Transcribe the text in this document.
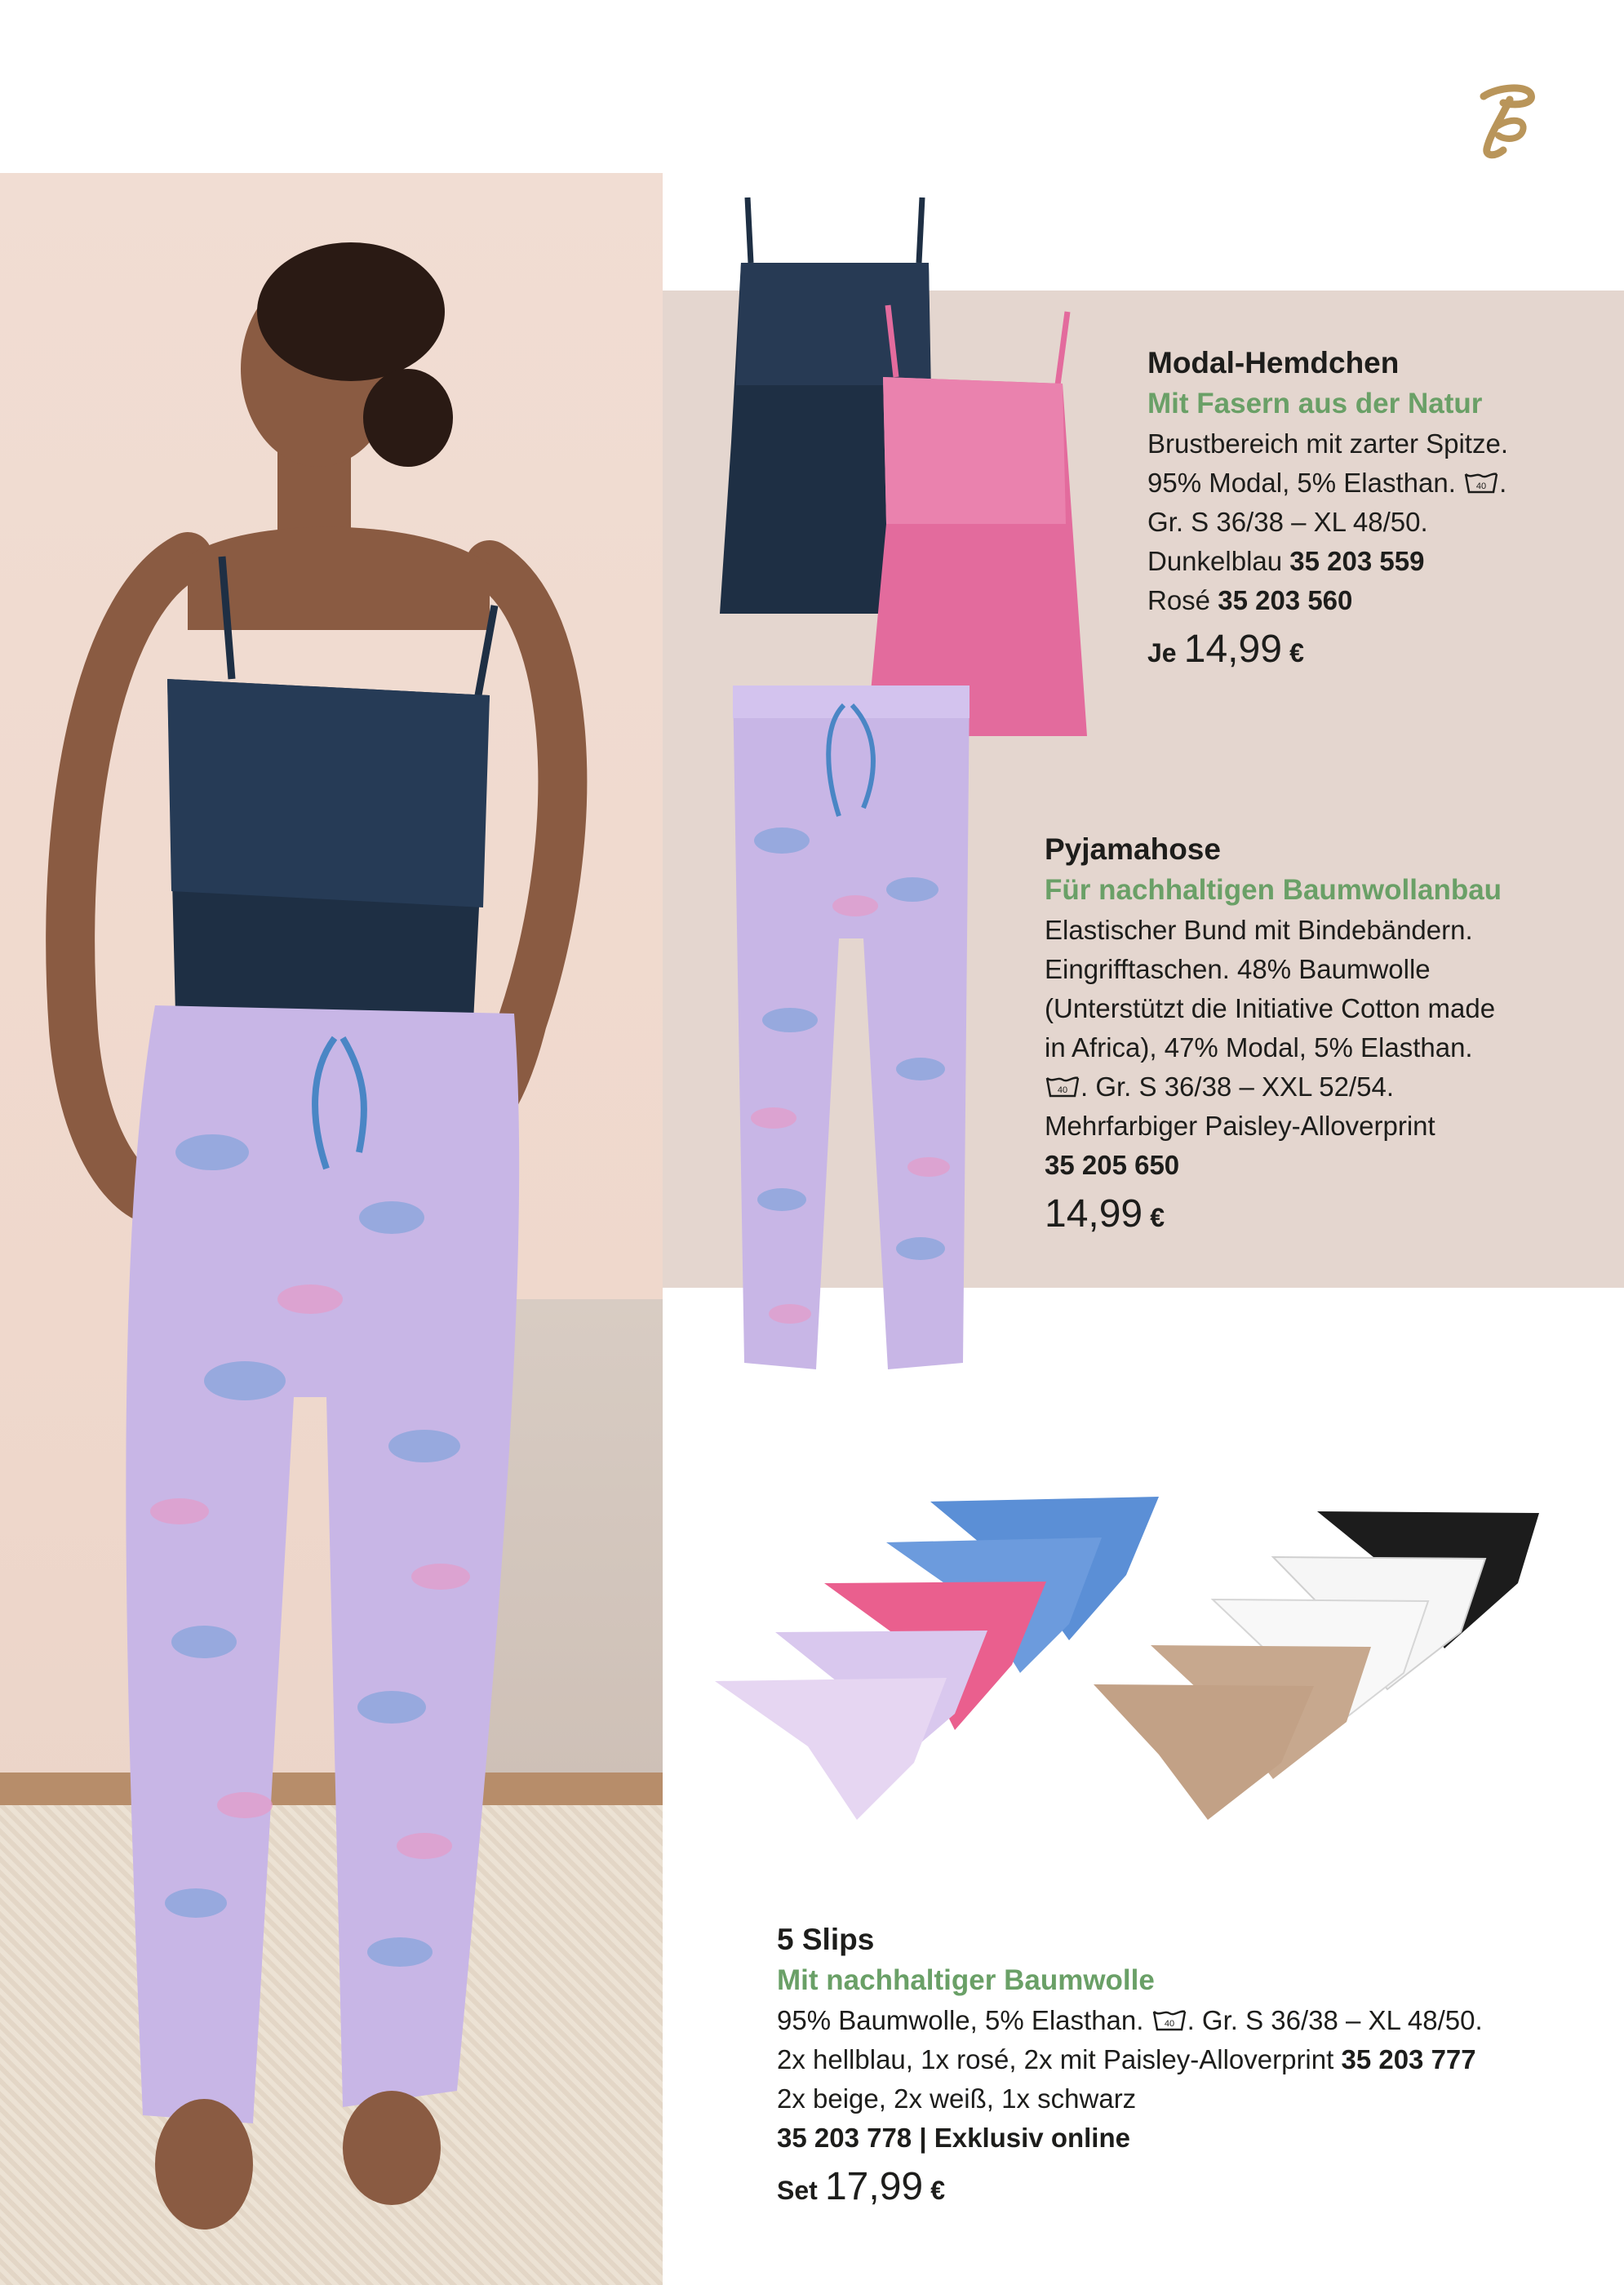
Modal-Hemdchen

Mit Fasern aus der Natur

Brustbereich mit zarter Spitze.

95% Modal, 5% Elasthan. 40 .

Gr. S 36/38 – XL 48/50.

Dunkelblau 35 203 559

Rosé 35 203 560

Je 14,99 €

Pyjamahose

Für nachhaltigen Baumwollanbau

Elastischer Bund mit Bindebändern.

Eingrifftaschen. 48% Baumwolle

(Unterstützt die Initiative Cotton made

in Africa), 47% Modal, 5% Elasthan.

40 . Gr. S 36/38 – XXL 52/54.

Mehrfarbiger Paisley-Alloverprint

35 205 650

14,99 €

5 Slips

Mit nachhaltiger Baumwolle

95% Baumwolle, 5% Elasthan. 40 . Gr. S 36/38 – XL 48/50.

2x hellblau, 1x rosé, 2x mit Paisley-Alloverprint 35 203 777

2x beige, 2x weiß, 1x schwarz

35 203 778 | Exklusiv online

Set 17,99 €
